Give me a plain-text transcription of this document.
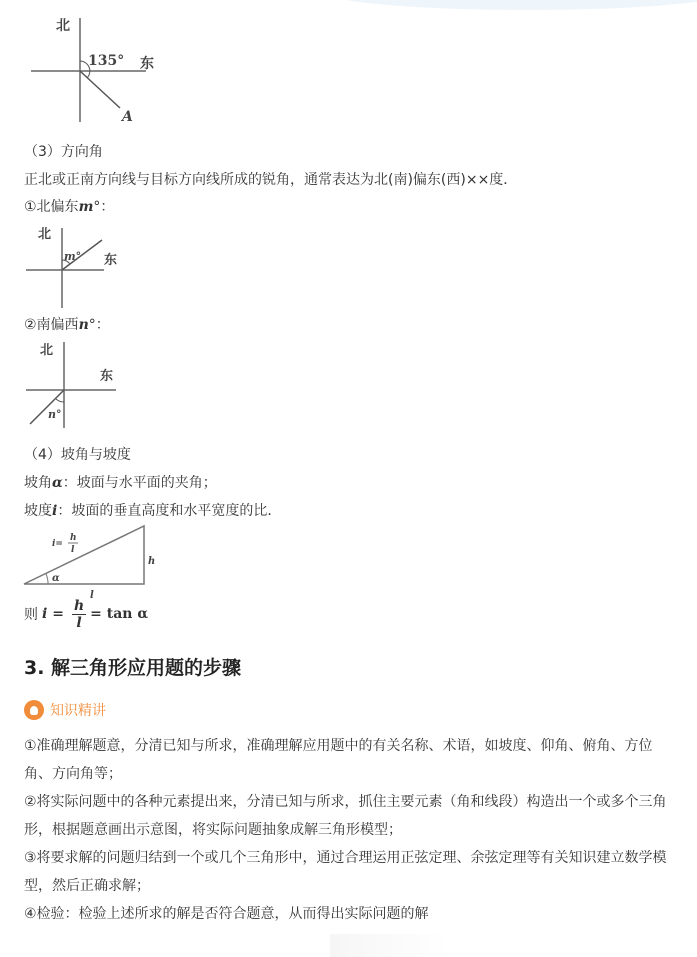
北
135° 东
A
（3）方向角
正北或正南方向线与目标方向线所成的锐角，通常表达为北(南)偏东(西)××度．
①北偏东m°：
北
m° 东
②南偏西n°：
北
东
n°
（4）坡角与坡度
坡角α：坡面与水平面的夹角；
坡度i：坡面的垂直高度和水平宽度的比．
i=
h
l
h
α
l
则 $i = \frac{h}{l} = \tan \alpha$
3. 解三角形应用题的步骤
知识精讲

①准确理解题意，分清已知与所求，准确理解应用题中的有关名称、术语，如坡度、仰角、俯角、方位角、方向角等；

②将实际问题中的各种元素提出来，分清已知与所求，抓住主要元素（角和线段）构造出一个或多个三角形，根据题意画出示意图，将实际问题抽象成解三角形模型；

③将要求解的问题归结到一个或几个三角形中，通过合理运用正弦定理、余弦定理等有关知识建立数学模型，然后正确求解；

④检验：检验上述所求的解是否符合题意，从而得出实际问题的解
